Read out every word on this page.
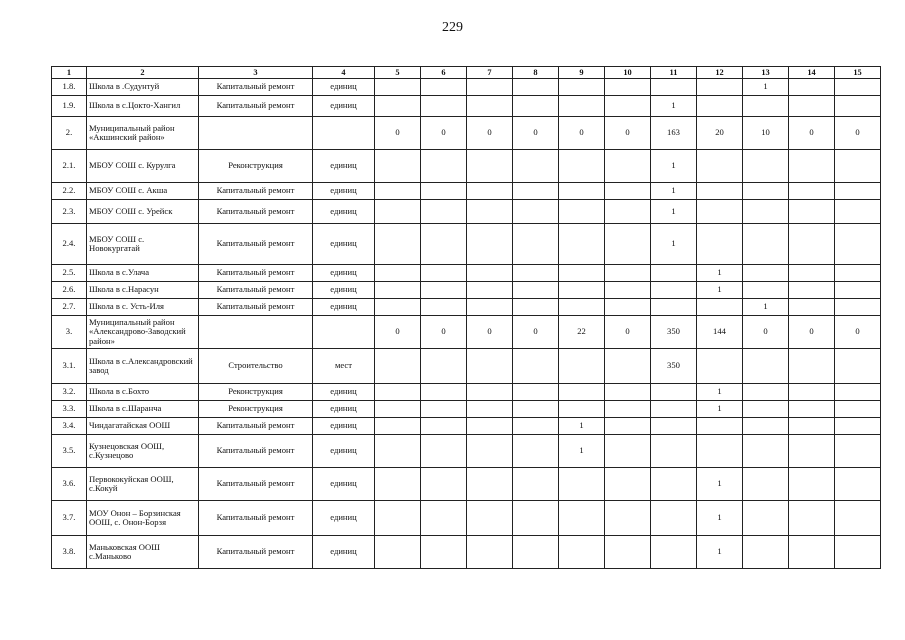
229
1	2	3	4	5	6	7	8	9	10	11	12	13	14	15
1.8.	Школа в .Судунтуй	Капитальный ремонт	единиц									1		
1.9.	Школа в с.Цокто-Хангил	Капитальный ремонт	единиц							1				
2.	Муниципальный район «Акшинский район»			0	0	0	0	0	0	163	20	10	0	0
2.1.	МБОУ СОШ с. Курулга	Реконструкция	единиц							1				
2.2.	МБОУ СОШ с. Акша	Капитальный ремонт	единиц							1				
2.3.	МБОУ СОШ с. Урейск	Капитальный ремонт	единиц							1				
2.4.	МБОУ СОШ с. Новокургатай	Капитальный ремонт	единиц							1				
2.5.	Школа в с.Улача	Капитальный ремонт	единиц								1			
2.6.	Школа в с.Нарасун	Капитальный ремонт	единиц								1			
2.7.	Школа в с. Усть-Иля	Капитальный ремонт	единиц									1		
3.	Муниципальный район «Александрово-Заводский район»			0	0	0	0	22	0	350	144	0	0	0
3.1.	Школа в с.Александровский завод	Строительство	мест							350				
3.2.	Школа в с.Бохто	Реконструкция	единиц								1			
3.3.	Школа в с.Шаранча	Реконструкция	единиц								1			
3.4.	Чиндагатайская ООШ	Капитальный ремонт	единиц					1						
3.5.	Кузнецовская ООШ, с.Кузнецово	Капитальный ремонт	единиц					1						
3.6.	Первококуйская ООШ, с.Кокуй	Капитальный ремонт	единиц								1			
3.7.	МОУ Онон – Борзинская ООШ, с. Онон-Борзя	Капитальный ремонт	единиц								1			
3.8.	Маньковская ООШ с.Маньково	Капитальный ремонт	единиц								1			
